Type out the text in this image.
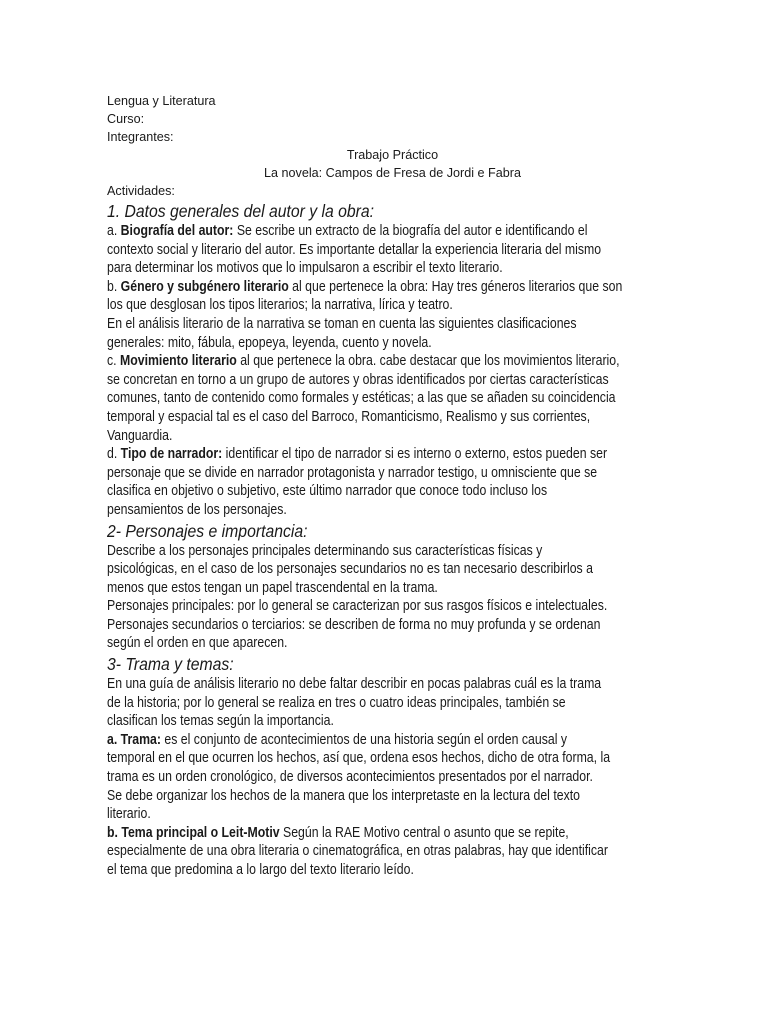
Lengua y Literatura
Curso:
Integrantes:
Trabajo Práctico
La novela: Campos de Fresa de Jordi e Fabra
Actividades:
1. Datos generales del autor y la obra:
a. Biografía del autor: Se escribe un extracto de la biografía del autor e identificando el
contexto social y literario del autor. Es importante detallar la experiencia literaria del mismo
para determinar los motivos que lo impulsaron a escribir el texto literario.
b. Género y subgénero literario al que pertenece la obra: Hay tres géneros literarios que son
los que desglosan los tipos literarios; la narrativa, lírica y teatro.
En el análisis literario de la narrativa se toman en cuenta las siguientes clasificaciones
generales: mito, fábula, epopeya, leyenda, cuento y novela.
c. Movimiento literario al que pertenece la obra. cabe destacar que los movimientos literario,
se concretan en torno a un grupo de autores y obras identificados por ciertas características
comunes, tanto de contenido como formales y estéticas; a las que se añaden su coincidencia
temporal y espacial tal es el caso del Barroco, Romanticismo, Realismo y sus corrientes,
Vanguardia.
d. Tipo de narrador: identificar el tipo de narrador si es interno o externo, estos pueden ser
personaje que se divide en narrador protagonista y narrador testigo, u omnisciente que se
clasifica en objetivo o subjetivo, este último narrador que conoce todo incluso los
pensamientos de los personajes.
2- Personajes e importancia:
Describe a los personajes principales determinando sus características físicas y
psicológicas, en el caso de los personajes secundarios no es tan necesario describirlos a
menos que estos tengan un papel trascendental en la trama.
Personajes principales: por lo general se caracterizan por sus rasgos físicos e intelectuales.
Personajes secundarios o terciarios: se describen de forma no muy profunda y se ordenan
según el orden en que aparecen.
3- Trama y temas:
En una guía de análisis literario no debe faltar describir en pocas palabras cuál es la trama
de la historia; por lo general se realiza en tres o cuatro ideas principales, también se
clasifican los temas según la importancia.
a. Trama: es el conjunto de acontecimientos de una historia según el orden causal y
temporal en el que ocurren los hechos, así que, ordena esos hechos, dicho de otra forma, la
trama es un orden cronológico, de diversos acontecimientos presentados por el narrador.
Se debe organizar los hechos de la manera que los interpretaste en la lectura del texto
literario.
b. Tema principal o Leit-Motiv Según la RAE Motivo central o asunto que se repite,
especialmente de una obra literaria o cinematográfica, en otras palabras, hay que identificar
el tema que predomina a lo largo del texto literario leído.
